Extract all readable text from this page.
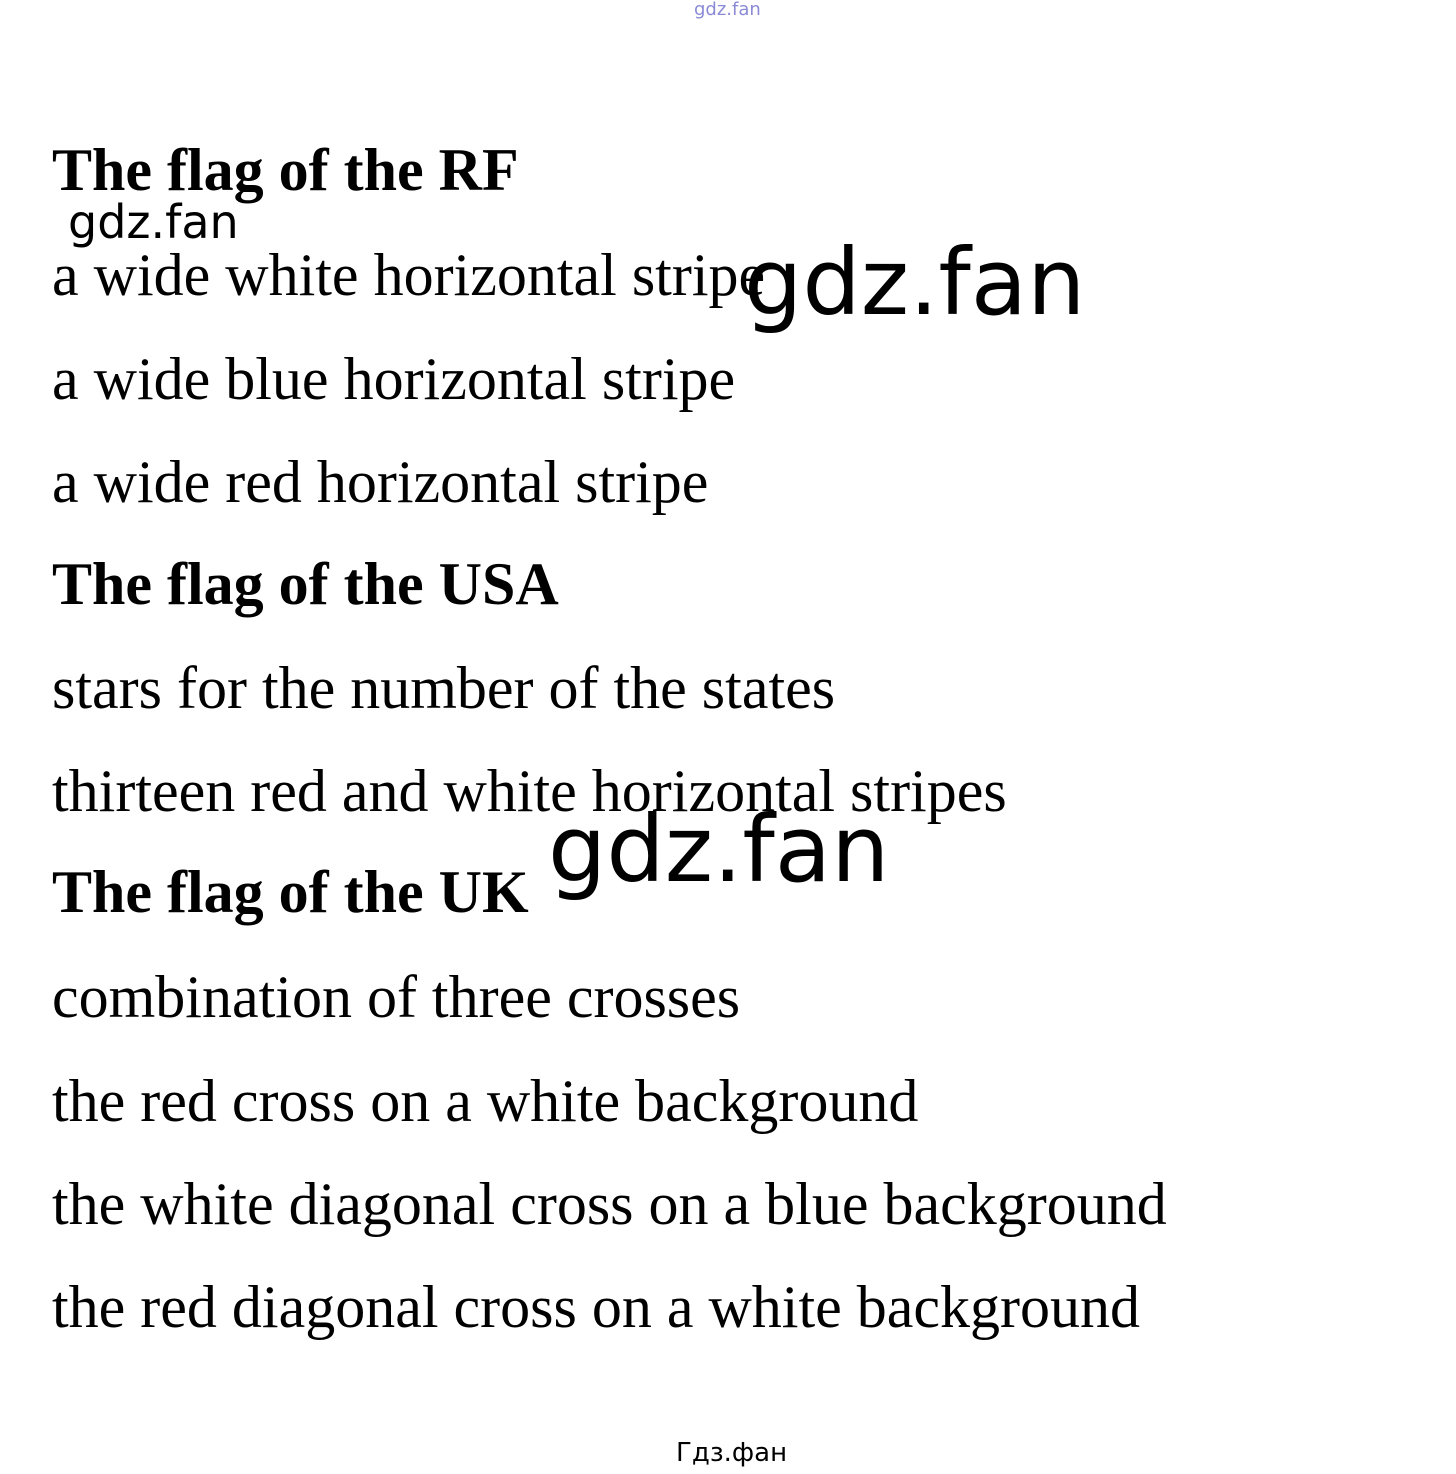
gdz.fan
The flag of the RF
a wide white horizontal stripe
a wide blue horizontal stripe
a wide red horizontal stripe
The flag of the USA
stars for the number of the states
thirteen red and white horizontal stripes
The flag of the UK
combination of three crosses
the red cross on a white background
the white diagonal cross on a blue background
the red diagonal cross on a white background
gdz.fan
gdz.fan
gdz.fan
Гдз.фан
